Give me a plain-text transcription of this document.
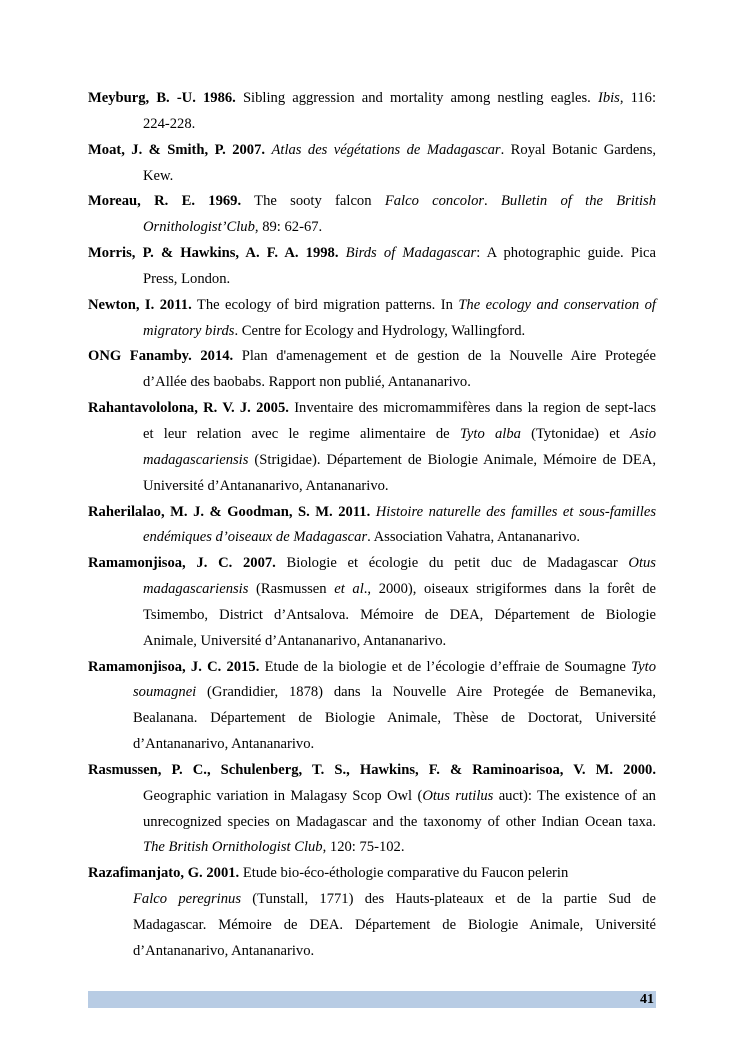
Meyburg, B. -U. 1986. Sibling aggression and mortality among nestling eagles. Ibis, 116:
224-228.
Moat, J. & Smith, P. 2007. Atlas des végétations de Madagascar. Royal Botanic Gardens,
Kew.
Moreau, R. E. 1969. The sooty falcon Falco concolor. Bulletin of the British
Ornithologist’Club, 89: 62-67.
Morris, P. & Hawkins, A. F. A. 1998. Birds of Madagascar: A photographic guide. Pica
Press, London.
Newton, I. 2011. The ecology of bird migration patterns. In The ecology and conservation of
migratory birds. Centre for Ecology and Hydrology, Wallingford.
ONG Fanamby. 2014. Plan d'amenagement et de gestion de la Nouvelle Aire Protegée
d’Allée des baobabs. Rapport non publié, Antananarivo.
Rahantavololona, R. V. J. 2005. Inventaire des micromammifères dans la region de sept-lacs
et leur relation avec le regime alimentaire de Tyto alba (Tytonidae) et Asio
madagascariensis (Strigidae). Département de Biologie Animale, Mémoire de DEA,
Université d’Antananarivo, Antananarivo.
Raherilalao, M. J. & Goodman, S. M. 2011. Histoire naturelle des familles et sous-familles
endémiques d’oiseaux de Madagascar. Association Vahatra, Antananarivo.
Ramamonjisoa, J. C. 2007. Biologie et écologie du petit duc de Madagascar Otus
madagascariensis (Rasmussen et al., 2000), oiseaux strigiformes dans la forêt de
Tsimembo, District d’Antsalova. Mémoire de DEA, Département de Biologie
Animale, Université d’Antananarivo, Antananarivo.
Ramamonjisoa, J. C. 2015. Etude de la biologie et de l’écologie d’effraie de Soumagne Tyto
soumagnei (Grandidier, 1878) dans la Nouvelle Aire Protegée de Bemanevika,
Bealanana. Département de Biologie Animale, Thèse de Doctorat, Université
d’Antananarivo, Antananarivo.
Rasmussen, P. C., Schulenberg, T. S., Hawkins, F. & Raminoarisoa, V. M. 2000.
Geographic variation in Malagasy Scop Owl (Otus rutilus auct): The existence of an
unrecognized species on Madagascar and the taxonomy of other Indian Ocean taxa.
The British Ornithologist Club, 120: 75-102.
Razafimanjato, G. 2001. Etude bio-éco-éthologie comparative du Faucon pelerin
Falco peregrinus (Tunstall, 1771) des Hauts-plateaux et de la partie Sud de
Madagascar. Mémoire de DEA. Département de Biologie Animale, Université
d’Antananarivo, Antananarivo.
41
